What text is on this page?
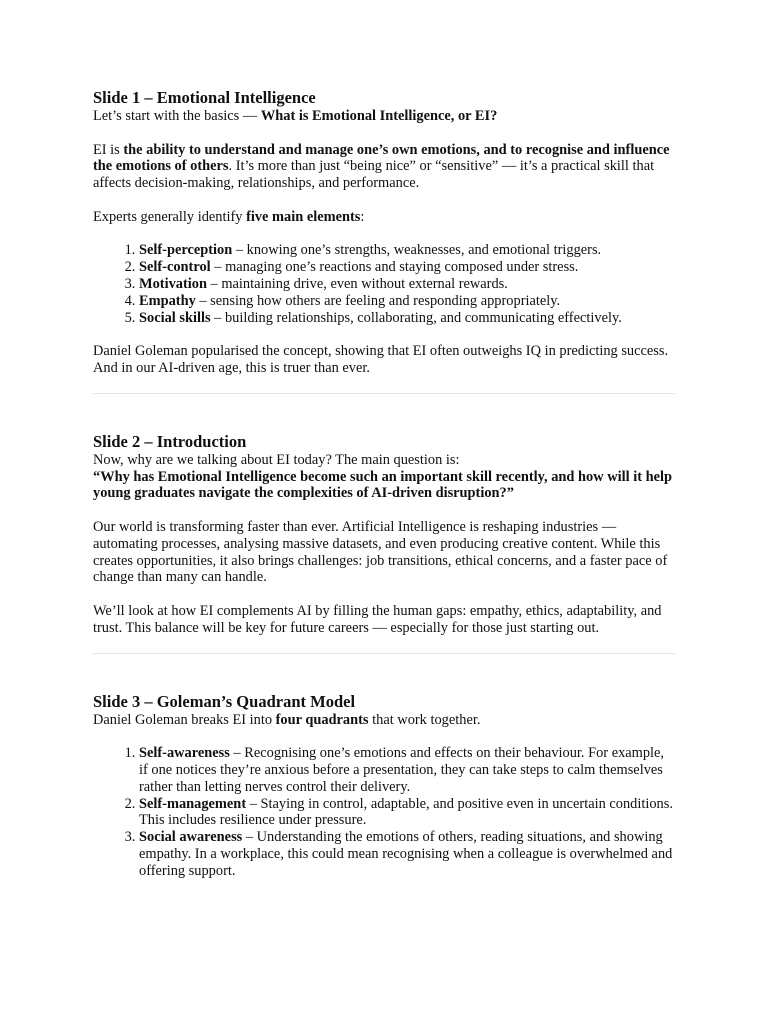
Slide 1 – Emotional Intelligence

Let’s start with the basics — What is Emotional Intelligence, or EI?

EI is the ability to understand and manage one’s own emotions, and to recognise and influence the emotions of others. It’s more than just “being nice” or “sensitive” — it’s a practical skill that affects decision-making, relationships, and performance.

Experts generally identify five main elements:

1. Self-perception – knowing one’s strengths, weaknesses, and emotional triggers.
2. Self-control – managing one’s reactions and staying composed under stress.
3. Motivation – maintaining drive, even without external rewards.
4. Empathy – sensing how others are feeling and responding appropriately.
5. Social skills – building relationships, collaborating, and communicating effectively.

Daniel Goleman popularised the concept, showing that EI often outweighs IQ in predicting success. And in our AI-driven age, this is truer than ever.

Slide 2 – Introduction

Now, why are we talking about EI today? The main question is:

“Why has Emotional Intelligence become such an important skill recently, and how will it help young graduates navigate the complexities of AI-driven disruption?”

Our world is transforming faster than ever. Artificial Intelligence is reshaping industries — automating processes, analysing massive datasets, and even producing creative content. While this creates opportunities, it also brings challenges: job transitions, ethical concerns, and a faster pace of change than many can handle.

We’ll look at how EI complements AI by filling the human gaps: empathy, ethics, adaptability, and trust. This balance will be key for future careers — especially for those just starting out.

Slide 3 – Goleman’s Quadrant Model

Daniel Goleman breaks EI into four quadrants that work together.

1. Self-awareness – Recognising one’s emotions and effects on their behaviour. For example, if one notices they’re anxious before a presentation, they can take steps to calm themselves rather than letting nerves control their delivery.
2. Self-management – Staying in control, adaptable, and positive even in uncertain conditions. This includes resilience under pressure.
3. Social awareness – Understanding the emotions of others, reading situations, and showing empathy. In a workplace, this could mean recognising when a colleague is overwhelmed and offering support.
